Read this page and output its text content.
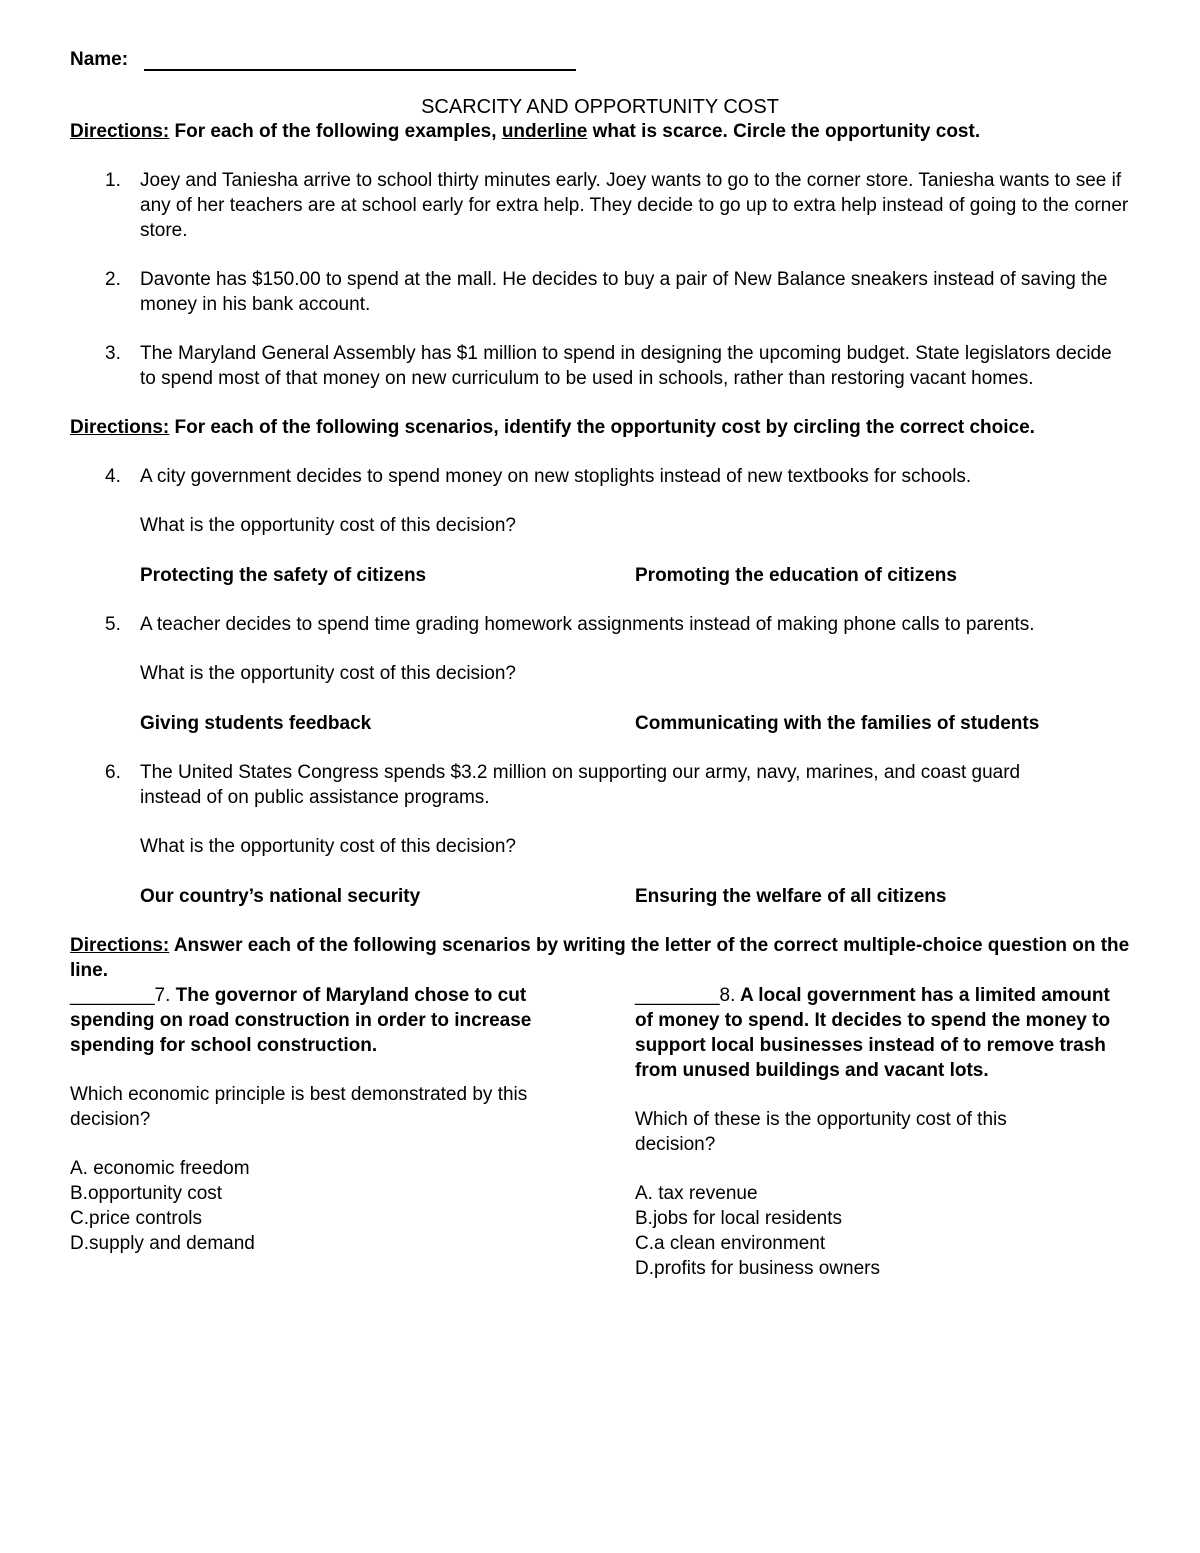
Name:
SCARCITY AND OPPORTUNITY COST
Directions: For each of the following examples, underline what is scarce. Circle the opportunity cost.
1.	Joey and Taniesha arrive to school thirty minutes early. Joey wants to go to the corner store. Taniesha wants to see if any of her teachers are at school early for extra help. They decide to go up to extra help instead of going to the corner store.
2.	Davonte has $150.00 to spend at the mall. He decides to buy a pair of New Balance sneakers instead of saving the money in his bank account.
3.	The Maryland General Assembly has $1 million to spend in designing the upcoming budget. State legislators decide to spend most of that money on new curriculum to be used in schools, rather than restoring vacant homes.
Directions: For each of the following scenarios, identify the opportunity cost by circling the correct choice.
4.	A city government decides to spend money on new stoplights instead of new textbooks for schools.
What is the opportunity cost of this decision?
Protecting the safety of citizens	Promoting the education of citizens
5.	A teacher decides to spend time grading homework assignments instead of making phone calls to parents.
What is the opportunity cost of this decision?
Giving students feedback	Communicating with the families of students
6.	The United States Congress spends $3.2 million on supporting our army, navy, marines, and coast guard instead of on public assistance programs.
What is the opportunity cost of this decision?
Our country’s national security	Ensuring the welfare of all citizens
Directions: Answer each of the following scenarios by writing the letter of the correct multiple-choice question on the line.
________7. The governor of Maryland chose to cut spending on road construction in order to increase spending for school construction.
Which economic principle is best demonstrated by this decision?
A. economic freedom
B.opportunity cost
C.price controls
D.supply and demand
________8. A local government has a limited amount of money to spend. It decides to spend the money to support local businesses instead of to remove trash from unused buildings and vacant lots.
Which of these is the opportunity cost of this decision?
A. tax revenue
B.jobs for local residents
C.a clean environment
D.profits for business owners
